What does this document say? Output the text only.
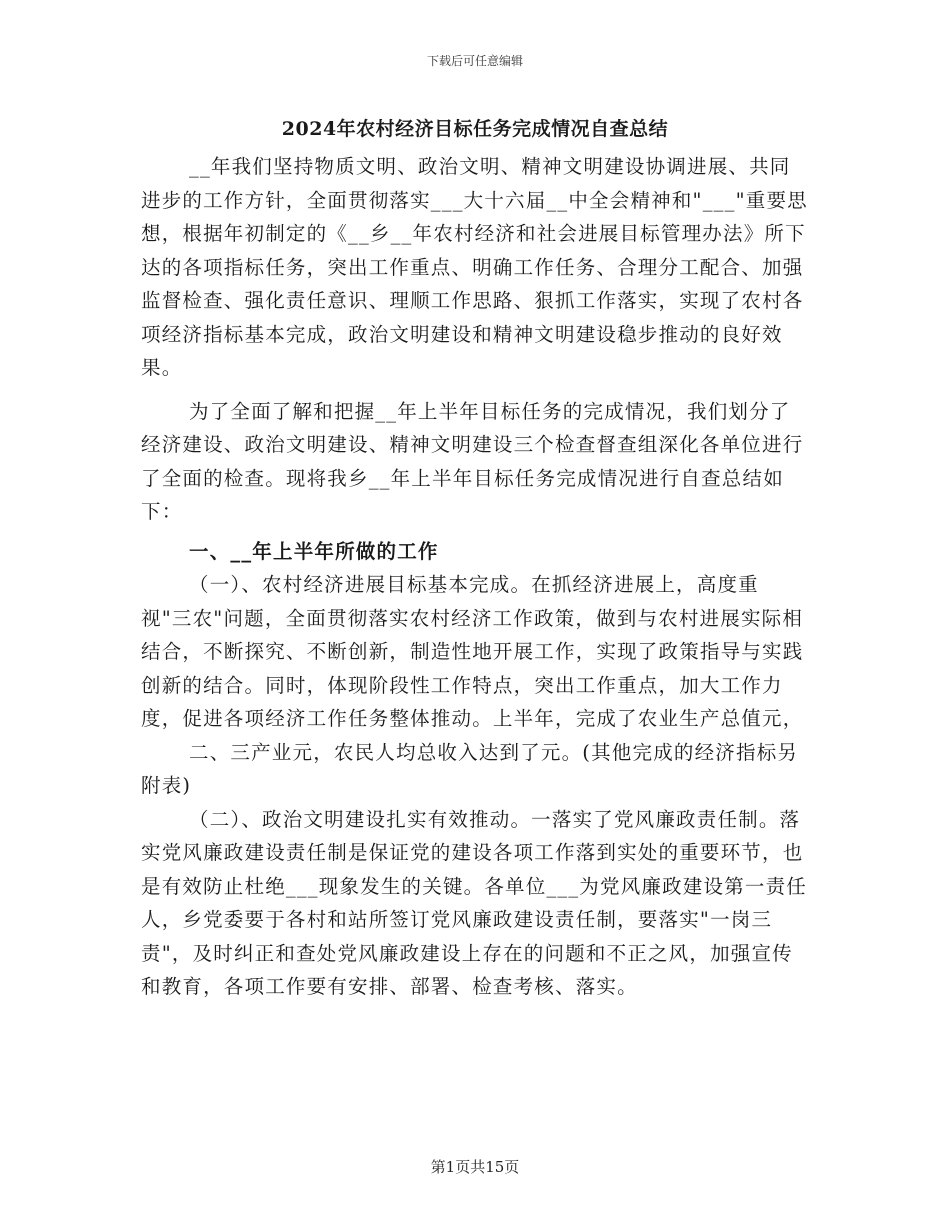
下载后可任意编辑
2024年农村经济目标任务完成情况自查总结

__年我们坚持物质文明、政治文明、精神文明建设协调进展、共同进步的工作方针，全面贯彻落实___大十六届__中全会精神和"___"重要思想，根据年初制定的《__乡__年农村经济和社会进展目标管理办法》所下达的各项指标任务，突出工作重点、明确工作任务、合理分工配合、加强监督检查、强化责任意识、理顺工作思路、狠抓工作落实，实现了农村各项经济指标基本完成，政治文明建设和精神文明建设稳步推动的良好效果。

为了全面了解和把握__年上半年目标任务的完成情况，我们划分了经济建设、政治文明建设、精神文明建设三个检查督查组深化各单位进行了全面的检查。现将我乡__年上半年目标任务完成情况进行自查总结如下：

一、__年上半年所做的工作

（一）、农村经济进展目标基本完成。在抓经济进展上，高度重视"三农"问题，全面贯彻落实农村经济工作政策，做到与农村进展实际相结合，不断探究、不断创新，制造性地开展工作，实现了政策指导与实践创新的结合。同时，体现阶段性工作特点，突出工作重点，加大工作力度，促进各项经济工作任务整体推动。上半年，完成了农业生产总值元，

二、三产业元，农民人均总收入达到了元。(其他完成的经济指标另附表)

（二）、政治文明建设扎实有效推动。一落实了党风廉政责任制。落实党风廉政建设责任制是保证党的建设各项工作落到实处的重要环节，也是有效防止杜绝___现象发生的关键。各单位___为党风廉政建设第一责任人，乡党委要于各村和站所签订党风廉政建设责任制，要落实"一岗三责"，及时纠正和查处党风廉政建设上存在的问题和不正之风，加强宣传和教育，各项工作要有安排、部署、检查考核、落实。

第1页共15页
